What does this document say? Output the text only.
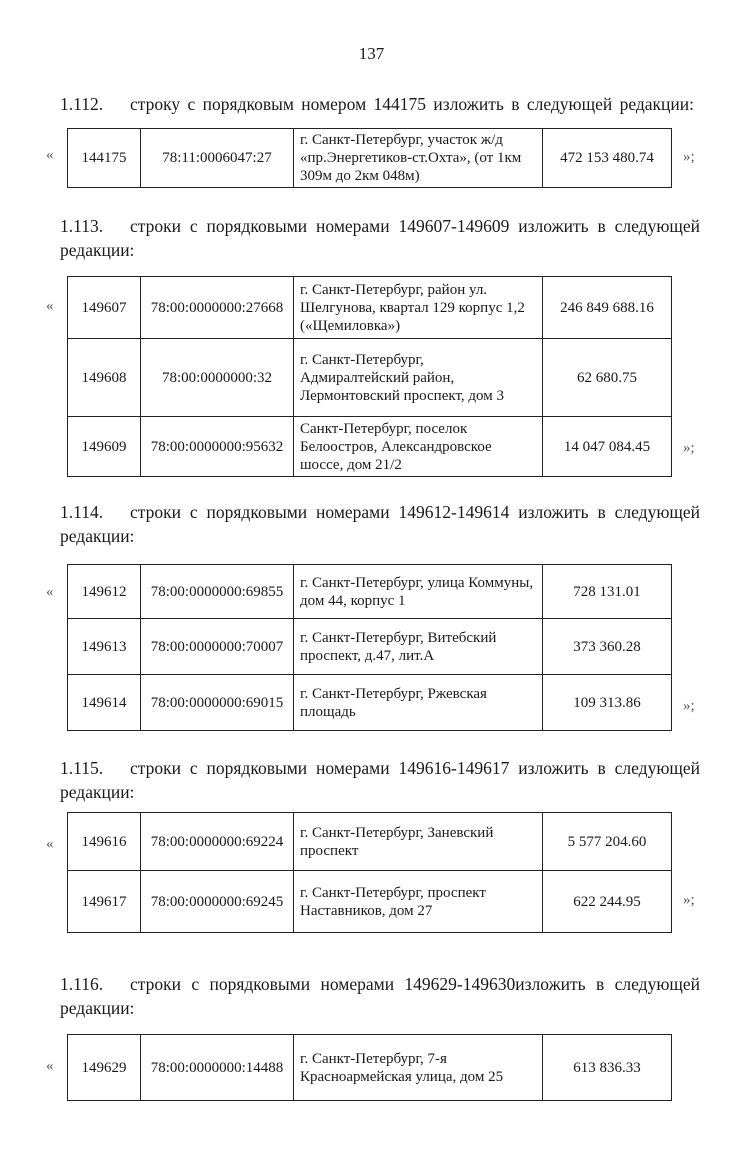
137
1.112. строку с порядковым номером 144175 изложить в следующей редакции:
« 144175	78:11:0006047:27	г. Санкт-Петербург, участок ж/д «пр.Энергетиков-ст.Охта», (от 1км 309м до 2км 048м)	472 153 480.74 »;
1.113. строки с порядковыми номерами 149607-149609 изложить в следующей редакции:
« 149607	78:00:0000000:27668	г. Санкт-Петербург, район ул. Шелгунова, квартал 129 корпус 1,2 («Щемиловка»)	246 849 688.16
149608	78:00:0000000:32	г. Санкт-Петербург, Адмиралтейский район, Лермонтовский проспект, дом 3	62 680.75
149609	78:00:0000000:95632	Санкт-Петербург, поселок Белоостров, Александровское шоссе, дом 21/2	14 047 084.45 »;
1.114. строки с порядковыми номерами 149612-149614 изложить в следующей редакции:
« 149612	78:00:0000000:69855	г. Санкт-Петербург, улица Коммуны, дом 44, корпус 1	728 131.01
149613	78:00:0000000:70007	г. Санкт-Петербург, Витебский проспект, д.47, лит.А	373 360.28
149614	78:00:0000000:69015	г. Санкт-Петербург, Ржевская площадь	109 313.86	»;
1.115. строки с порядковыми номерами 149616-149617 изложить в следующей редакции:
« 149616	78:00:0000000:69224	г. Санкт-Петербург, Заневский проспект	5 577 204.60
149617	78:00:0000000:69245	г. Санкт-Петербург, проспект Наставников, дом 27	622 244.95	»;
1.116. строки с порядковыми номерами 149629-149630изложить в следующей редакции:
« 149629	78:00:0000000:14488	г. Санкт-Петербург, 7-я Красноармейская улица, дом 25	613 836.33
